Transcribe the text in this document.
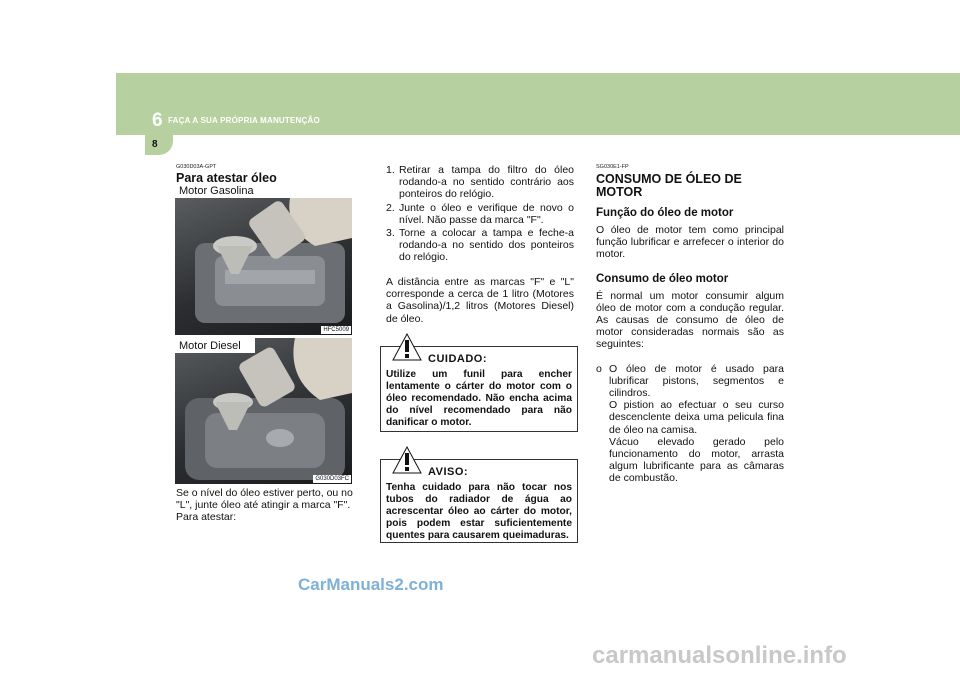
6 FAÇA A SUA PRÓPRIA MANUTENÇÃO
8
G030D03A-GPT
Para atestar óleo
Motor Gasolina
HFC5009
Motor Diesel
G030D03FC
Se o nível do óleo estiver perto, ou no "L", junte óleo até atingir a marca "F". Para atestar:
1. Retirar a tampa do filtro do óleo rodando-a no sentido contrário aos ponteiros do relógio.
2. Junte o óleo e verifique de novo o nível. Não passe da marca "F".
3. Torne a colocar a tampa e feche-a rodando-a no sentido dos ponteiros do relógio.
A distância entre as marcas "F" e "L" corresponde a cerca de 1 litro (Motores a Gasolina)/1,2 litros (Motores Diesel) de óleo.
CUIDADO:
Utilize um funil para encher lentamente o cárter do motor com o óleo recomendado. Não encha acima do nível recomendado para não danificar o motor.
AVISO:
Tenha cuidado para não tocar nos tubos do radiador de água ao acrescentar óleo ao cárter do motor, pois podem estar suficientemente quentes para causarem queimaduras.
SG030E1-FP
CONSUMO DE ÓLEO DE MOTOR
Função do óleo de motor

O óleo de motor tem como principal função lubrificar e arrefecer o interior do motor.

Consumo de óleo motor

É normal um motor consumir algum óleo de motor com a condução regular. As causas de consumo de óleo de motor consideradas normais são as seguintes:

o O óleo de motor é usado para lubrificar pistons, segmentos e cilindros.
O pistion ao efectuar o seu curso descenclente deixa uma pelicula fina de óleo na camisa.
Vácuo elevado gerado pelo funcionamento do motor, arrasta algum lubrificante para as câmaras de combustão.
CarManuals2.com
carmanualsonline.info
